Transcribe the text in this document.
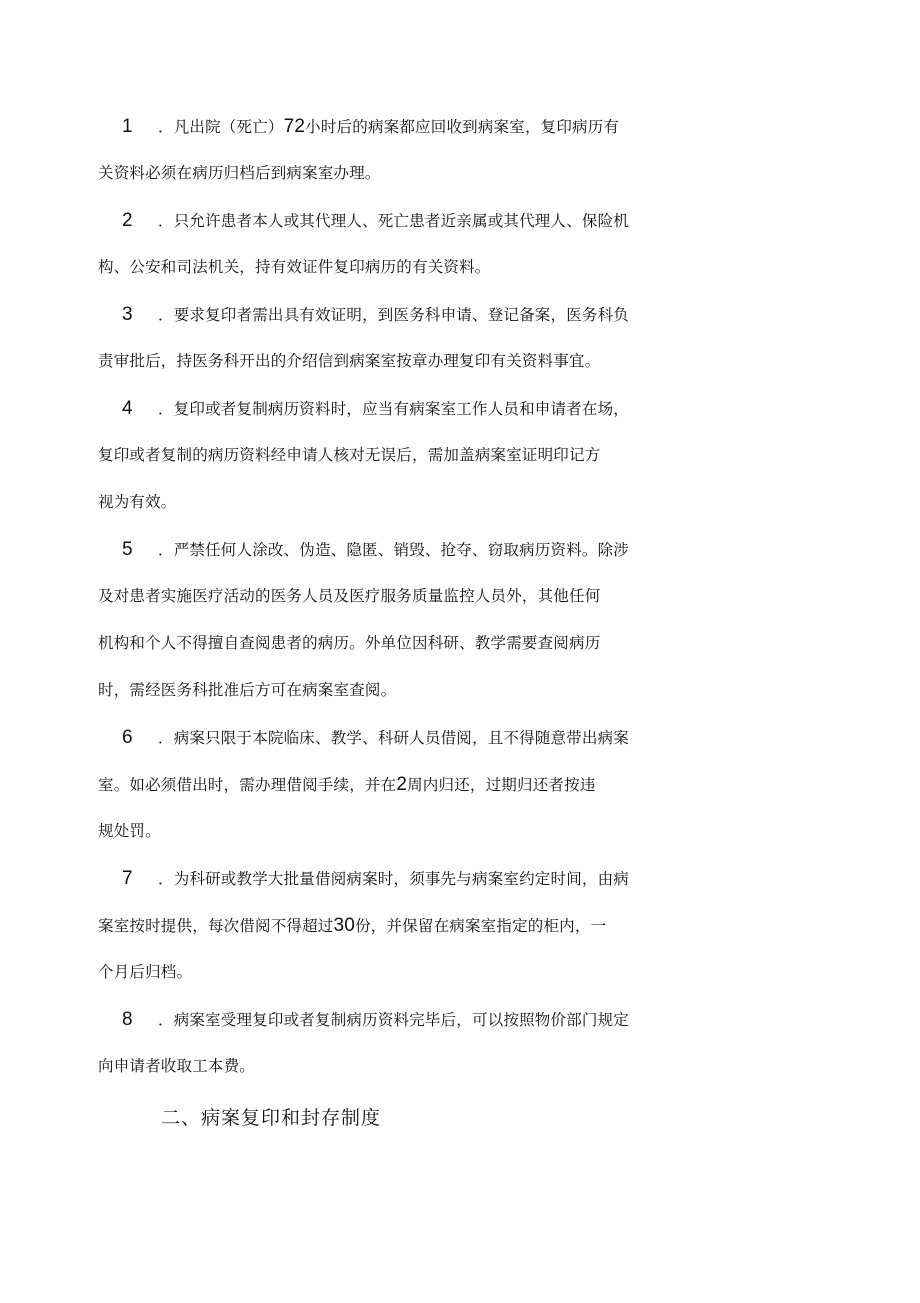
1 ．凡出院（死亡）72小时后的病案都应回收到病案室，复印病历有
关资料必须在病历归档后到病案室办理。
2 ．只允许患者本人或其代理人、死亡患者近亲属或其代理人、保险机
构、公安和司法机关，持有效证件复印病历的有关资料。
3 ．要求复印者需出具有效证明，到医务科申请、登记备案，医务科负
责审批后，持医务科开出的介绍信到病案室按章办理复印有关资料事宜。
4 ．复印或者复制病历资料时，应当有病案室工作人员和申请者在场，
复印或者复制的病历资料经申请人核对无误后，需加盖病案室证明印记方
视为有效。
5 ．严禁任何人涂改、伪造、隐匿、销毁、抢夺、窃取病历资料。除涉
及对患者实施医疗活动的医务人员及医疗服务质量监控人员外，其他任何
机构和个人不得擅自查阅患者的病历。外单位因科研、教学需要查阅病历
时，需经医务科批准后方可在病案室查阅。
6 ．病案只限于本院临床、教学、科研人员借阅，且不得随意带出病案
室。如必须借出时，需办理借阅手续，并在2周内归还，过期归还者按违
规处罚。
7 ．为科研或教学大批量借阅病案时，须事先与病案室约定时间，由病
案室按时提供，每次借阅不得超过30份，并保留在病案室指定的柜内，一
个月后归档。
8 ．病案室受理复印或者复制病历资料完毕后，可以按照物价部门规定
向申请者收取工本费。
二、病案复印和封存制度
